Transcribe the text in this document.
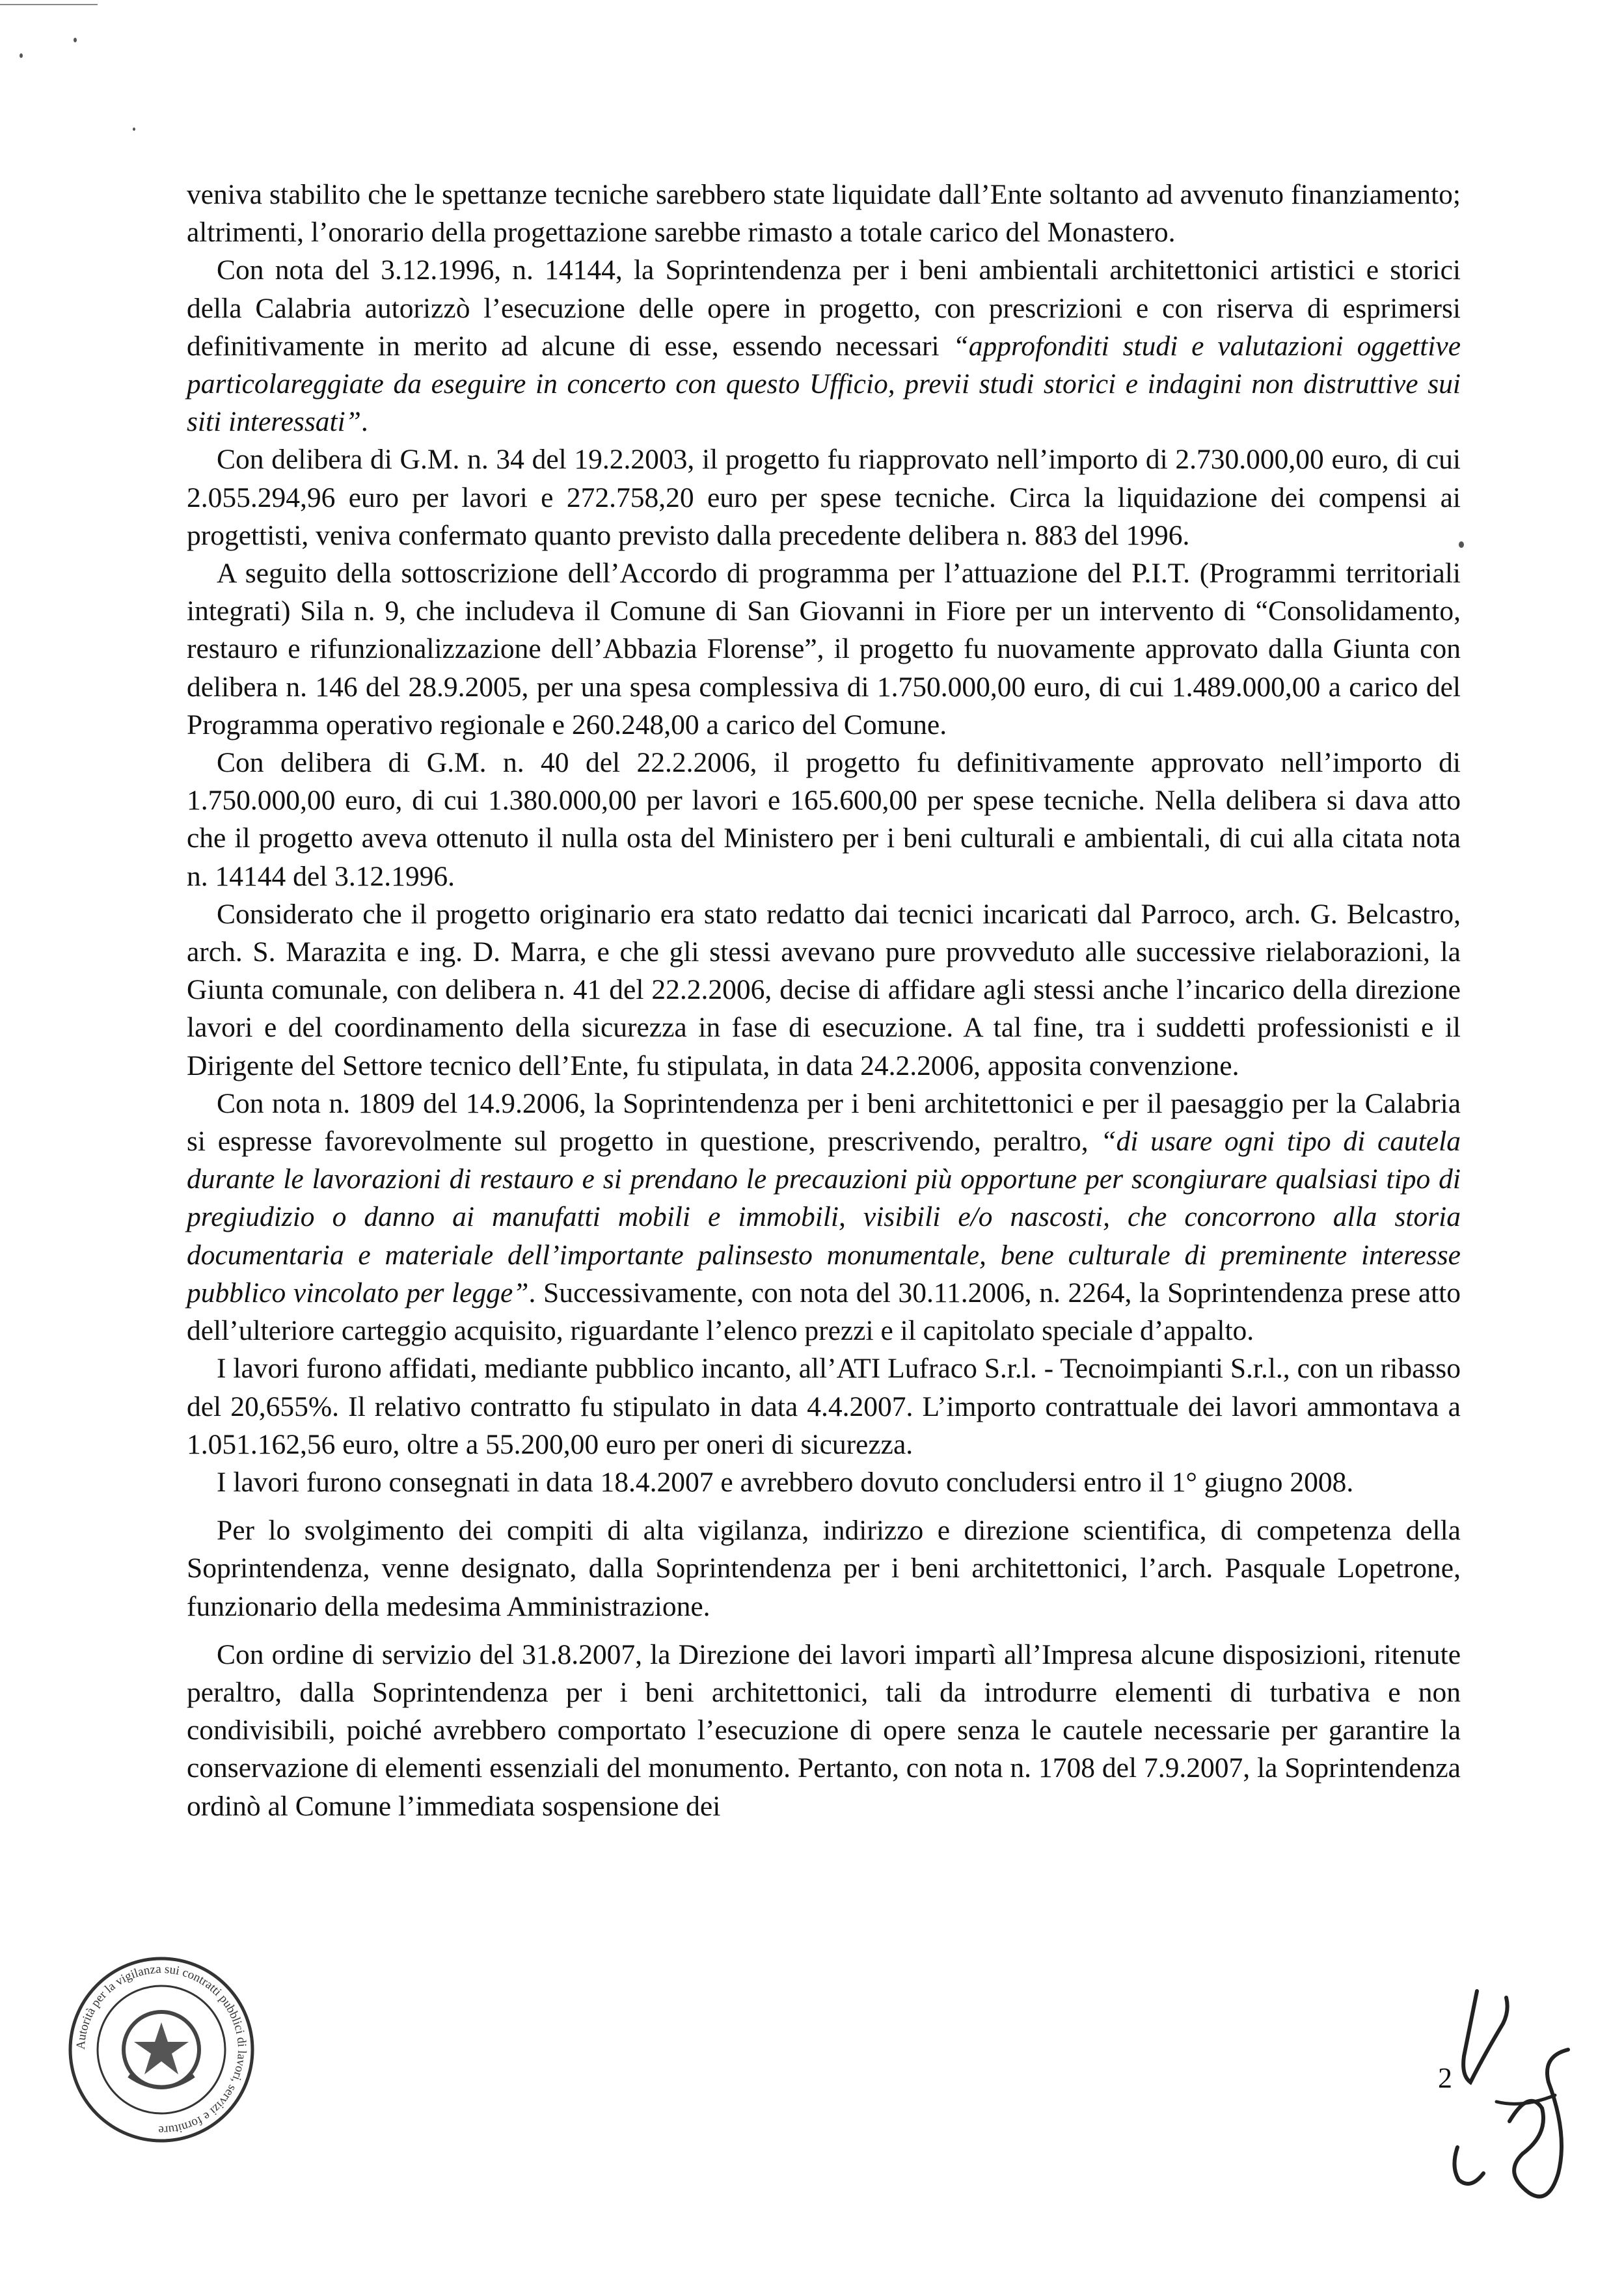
veniva stabilito che le spettanze tecniche sarebbero state liquidate dall’Ente soltanto ad avvenuto finanziamento; altrimenti, l’onorario della progettazione sarebbe rimasto a totale carico del Monastero.

Con nota del 3.12.1996, n. 14144, la Soprintendenza per i beni ambientali architettonici artistici e storici della Calabria autorizzò l’esecuzione delle opere in progetto, con prescrizioni e con riserva di esprimersi definitivamente in merito ad alcune di esse, essendo necessari “approfonditi studi e valutazioni oggettive particolareggiate da eseguire in concerto con questo Ufficio, previi studi storici e indagini non distruttive sui siti interessati”.

Con delibera di G.M. n. 34 del 19.2.2003, il progetto fu riapprovato nell’importo di 2.730.000,00 euro, di cui 2.055.294,96 euro per lavori e 272.758,20 euro per spese tecniche. Circa la liquidazione dei compensi ai progettisti, veniva confermato quanto previsto dalla precedente delibera n. 883 del 1996.

A seguito della sottoscrizione dell’Accordo di programma per l’attuazione del P.I.T. (Programmi territoriali integrati) Sila n. 9, che includeva il Comune di San Giovanni in Fiore per un intervento di “Consolidamento, restauro e rifunzionalizzazione dell’Abbazia Florense”, il progetto fu nuovamente approvato dalla Giunta con delibera n. 146 del 28.9.2005, per una spesa complessiva di 1.750.000,00 euro, di cui 1.489.000,00 a carico del Programma operativo regionale e 260.248,00 a carico del Comune.

Con delibera di G.M. n. 40 del 22.2.2006, il progetto fu definitivamente approvato nell’importo di 1.750.000,00 euro, di cui 1.380.000,00 per lavori e 165.600,00 per spese tecniche. Nella delibera si dava atto che il progetto aveva ottenuto il nulla osta del Ministero per i beni culturali e ambientali, di cui alla citata nota n. 14144 del 3.12.1996.

Considerato che il progetto originario era stato redatto dai tecnici incaricati dal Parroco, arch. G. Belcastro, arch. S. Marazita e ing. D. Marra, e che gli stessi avevano pure provveduto alle successive rielaborazioni, la Giunta comunale, con delibera n. 41 del 22.2.2006, decise di affidare agli stessi anche l’incarico della direzione lavori e del coordinamento della sicurezza in fase di esecuzione. A tal fine, tra i suddetti professionisti e il Dirigente del Settore tecnico dell’Ente, fu stipulata, in data 24.2.2006, apposita convenzione.

Con nota n. 1809 del 14.9.2006, la Soprintendenza per i beni architettonici e per il paesaggio per la Calabria si espresse favorevolmente sul progetto in questione, prescrivendo, peraltro, “di usare ogni tipo di cautela durante le lavorazioni di restauro e si prendano le precauzioni più opportune per scongiurare qualsiasi tipo di pregiudizio o danno ai manufatti mobili e immobili, visibili e/o nascosti, che concorrono alla storia documentaria e materiale dell’importante palinsesto monumentale, bene culturale di preminente interesse pubblico vincolato per legge”. Successivamente, con nota del 30.11.2006, n. 2264, la Soprintendenza prese atto dell’ulteriore carteggio acquisito, riguardante l’elenco prezzi e il capitolato speciale d’appalto.

I lavori furono affidati, mediante pubblico incanto, all’ATI Lufraco S.r.l. - Tecnoimpianti S.r.l., con un ribasso del 20,655%. Il relativo contratto fu stipulato in data 4.4.2007. L’importo contrattuale dei lavori ammontava a 1.051.162,56 euro, oltre a 55.200,00 euro per oneri di sicurezza.

I lavori furono consegnati in data 18.4.2007 e avrebbero dovuto concludersi entro il 1° giugno 2008.

Per lo svolgimento dei compiti di alta vigilanza, indirizzo e direzione scientifica, di competenza della Soprintendenza, venne designato, dalla Soprintendenza per i beni architettonici, l’arch. Pasquale Lopetrone, funzionario della medesima Amministrazione.

Con ordine di servizio del 31.8.2007, la Direzione dei lavori impartì all’Impresa alcune disposizioni, ritenute peraltro, dalla Soprintendenza per i beni architettonici, tali da introdurre elementi di turbativa e non condivisibili, poiché avrebbero comportato l’esecuzione di opere senza le cautele necessarie per garantire la conservazione di elementi essenziali del monumento. Pertanto, con nota n. 1708 del 7.9.2007, la Soprintendenza ordinò al Comune l’immediata sospensione dei

2
Autorità per la vigilanza sui contratti pubblici di lavori, servizi e forniture
